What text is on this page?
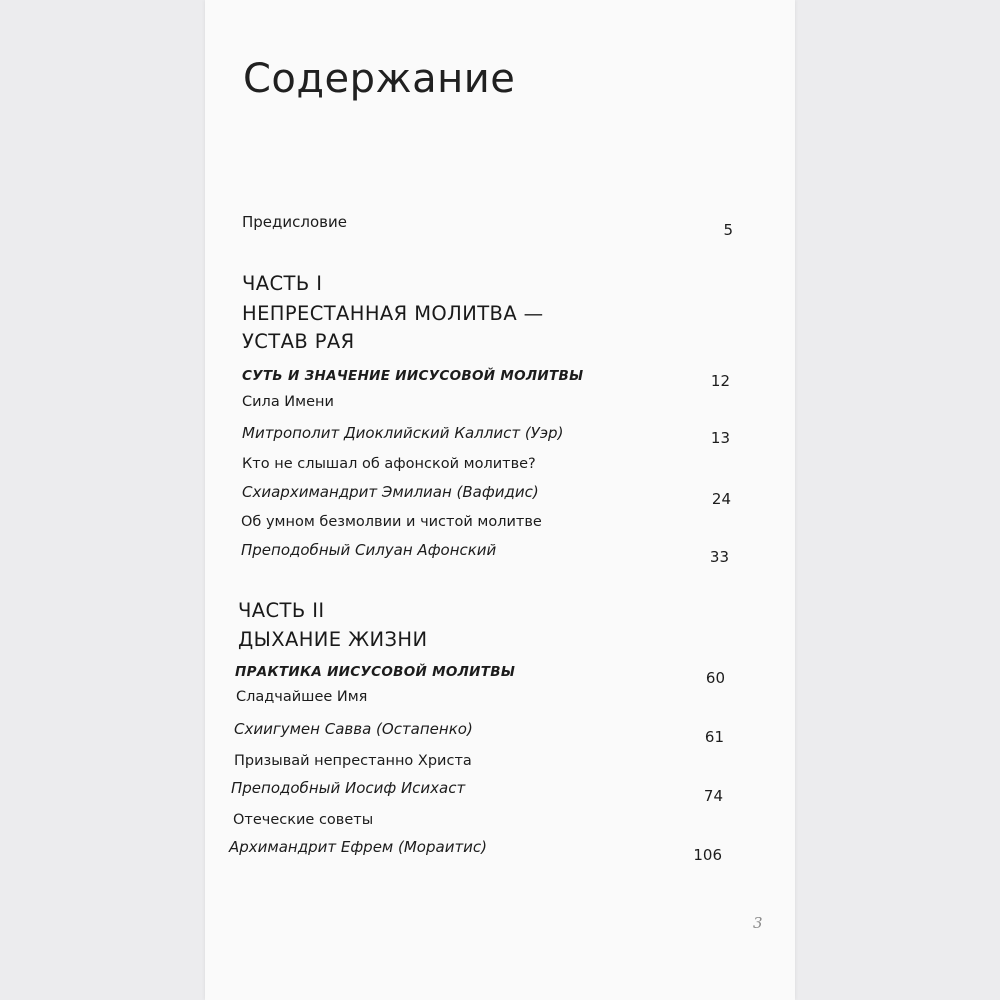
Содержание
Предисловие	5
ЧАСТЬ I
НЕПРЕСТАННАЯ МОЛИТВА —
УСТАВ РАЯ
СУТЬ И ЗНАЧЕНИЕ ИИСУСОВОЙ МОЛИТВЫ	12
Сила Имени
Митрополит Диоклийский Каллист (Уэр)	13
Кто не слышал об афонской молитве?
Схиархимандрит Эмилиан (Вафидис)	24
Об умном безмолвии и чистой молитве
Преподобный Силуан Афонский	33
ЧАСТЬ II
ДЫХАНИЕ ЖИЗНИ
ПРАКТИКА ИИСУСОВОЙ МОЛИТВЫ	60
Сладчайшее Имя
Схиигумен Савва (Остапенко)	61
Призывай непрестанно Христа
Преподобный Иосиф Исихаст	74
Отеческие советы
Архимандрит Ефрем (Мораитис)	106
3
